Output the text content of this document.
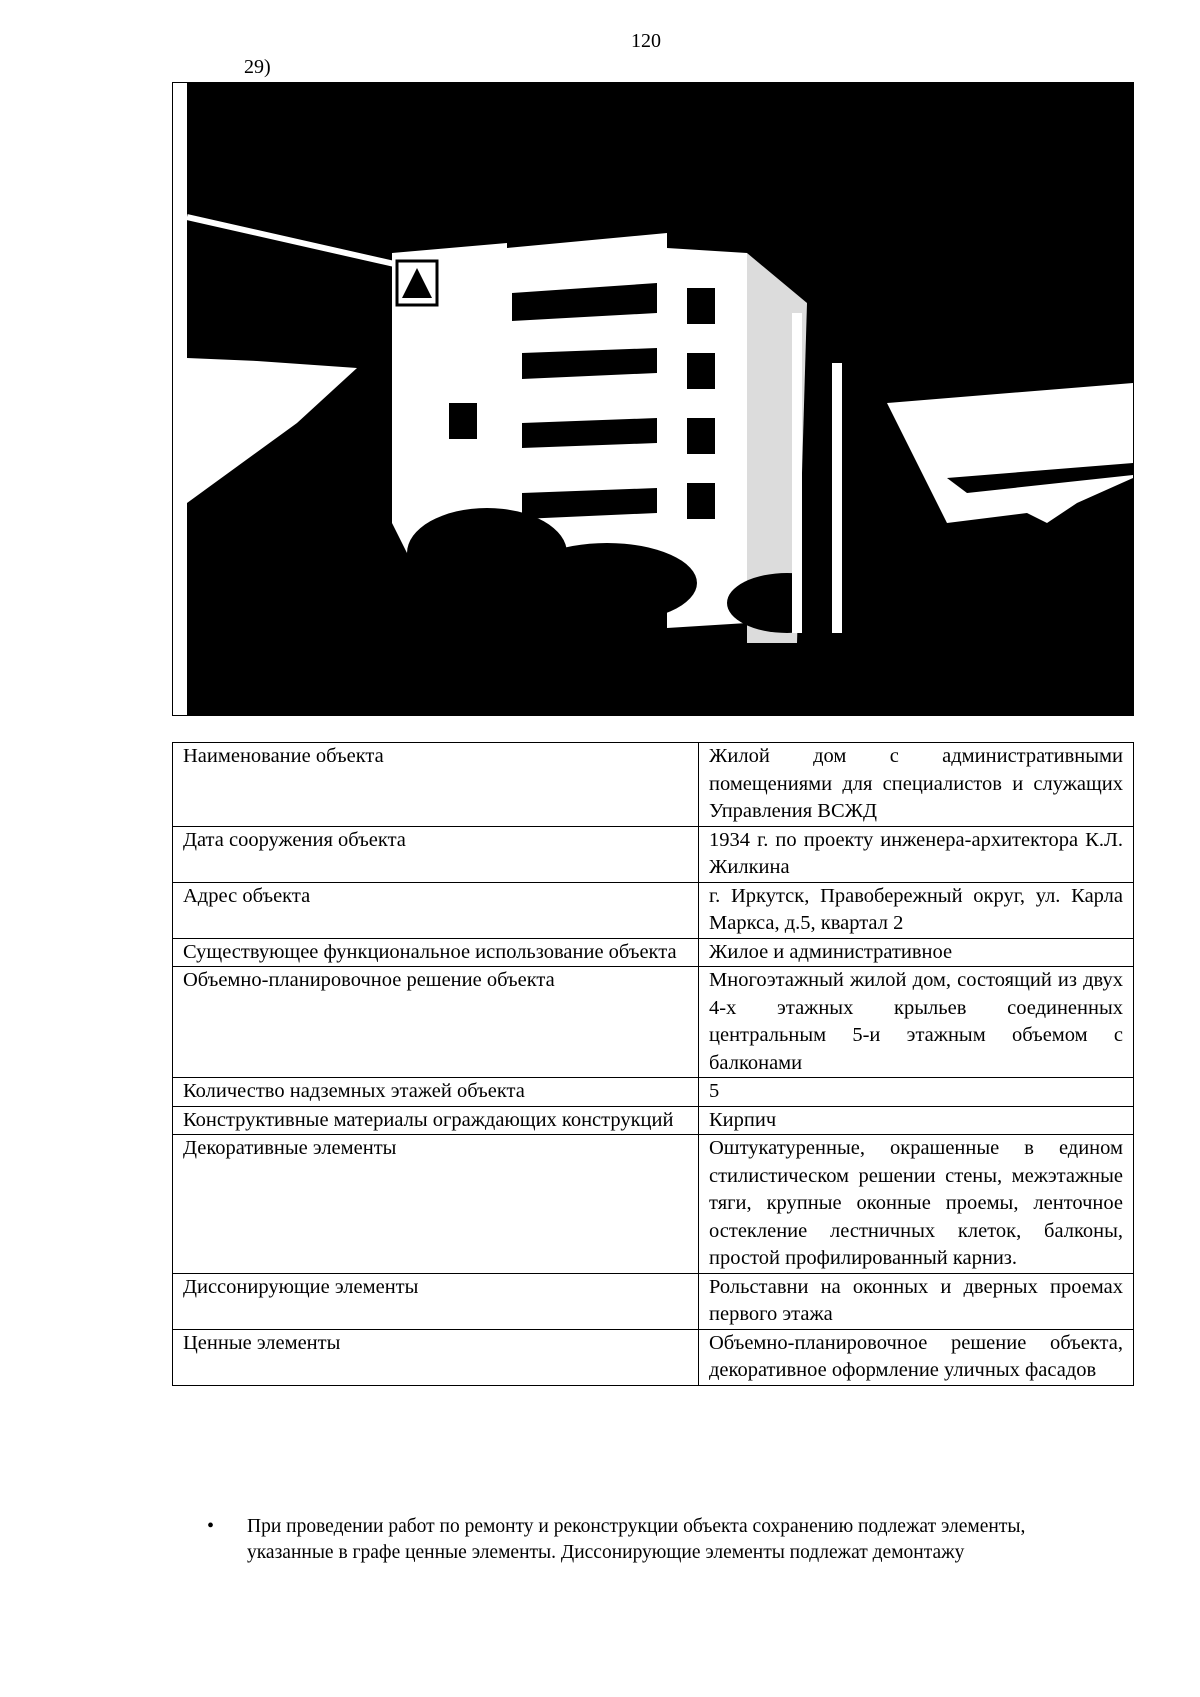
120
29)
Наименование объекта	Жилой дом с административными помещениями для специалистов и служащих Управления ВСЖД
Дата сооружения объекта	1934 г. по проекту инженера-архитектора К.Л. Жилкина
Адрес объекта	г. Иркутск, Правобережный округ, ул. Карла Маркса, д.5, квартал 2
Существующее функциональное использование объекта	Жилое и административное
Объемно-планировочное решение объекта	Многоэтажный жилой дом, состоящий из двух 4-х этажных крыльев соединенных центральным 5-и этажным объемом с балконами
Количество надземных этажей объекта	5
Конструктивные материалы ограждающих конструкций	Кирпич
Декоративные элементы	Оштукатуренные, окрашенные в едином стилистическом решении стены, межэтажные тяги, крупные оконные проемы, ленточное остекление лестничных клеток, балконы, простой профилированный карниз.
Диссонирующие элементы	Рольставни на оконных и дверных проемах первого этажа
Ценные элементы	Объемно-планировочное решение объекта, декоративное оформление уличных фасадов
• При проведении работ по ремонту и реконструкции объекта сохранению подлежат элементы, указанные в графе ценные элементы. Диссонирующие элементы подлежат демонтажу
